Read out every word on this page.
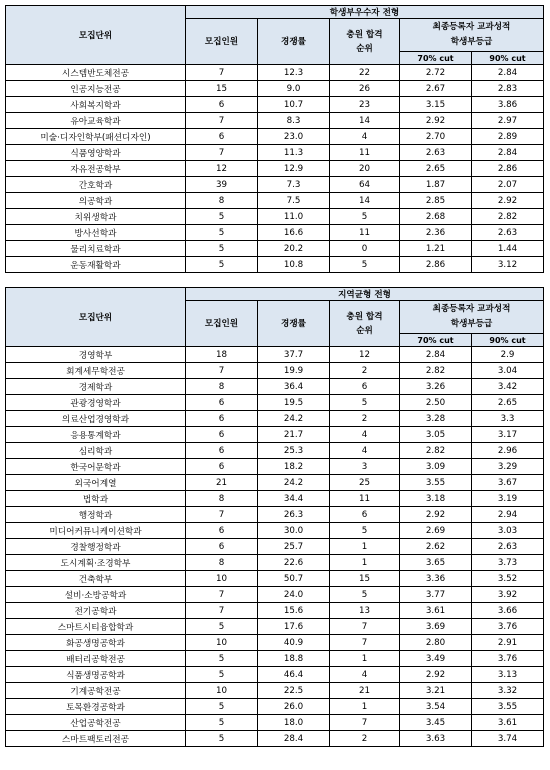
모집단위	학생부우수자 전형				
	모집인원	경쟁률	충원 합격
순위	최종등록자 교과성적
학생부등급	
				70% cut	90% cut
시스템반도체전공	7	12.3	22	2.72	2.84
인공지능전공	15	9.0	26	2.67	2.83
사회복지학과	6	10.7	23	3.15	3.86
유아교육학과	7	8.3	14	2.92	2.97
미술·디자인학부(패션디자인)	6	23.0	4	2.70	2.89
식품영양학과	7	11.3	11	2.63	2.84
자유전공학부	12	12.9	20	2.65	2.86
간호학과	39	7.3	64	1.87	2.07
의공학과	8	7.5	14	2.85	2.92
치위생학과	5	11.0	5	2.68	2.82
방사선학과	5	16.6	11	2.36	2.63
물리치료학과	5	20.2	0	1.21	1.44
운동재활학과	5	10.8	5	2.86	3.12
모집단위	지역균형 전형				
	모집인원	경쟁률	충원 합격
순위	최종등록자 교과성적
학생부등급	
				70% cut	90% cut
경영학부	18	37.7	12	2.84	2.9
회계세무학전공	7	19.9	2	2.82	3.04
경제학과	8	36.4	6	3.26	3.42
관광경영학과	6	19.5	5	2.50	2.65
의료산업경영학과	6	24.2	2	3.28	3.3
응용통계학과	6	21.7	4	3.05	3.17
심리학과	6	25.3	4	2.82	2.96
한국어문학과	6	18.2	3	3.09	3.29
외국어계열	21	24.2	25	3.55	3.67
법학과	8	34.4	11	3.18	3.19
행정학과	7	26.3	6	2.92	2.94
미디어커뮤니케이션학과	6	30.0	5	2.69	3.03
경찰행정학과	6	25.7	1	2.62	2.63
도시계획·조경학부	8	22.6	1	3.65	3.73
건축학부	10	50.7	15	3.36	3.52
설비·소방공학과	7	24.0	5	3.77	3.92
전기공학과	7	15.6	13	3.61	3.66
스마트시티융합학과	5	17.6	7	3.69	3.76
화공생명공학과	10	40.9	7	2.80	2.91
배터리공학전공	5	18.8	1	3.49	3.76
식품생명공학과	5	46.4	4	2.92	3.13
기계공학전공	10	22.5	21	3.21	3.32
토목환경공학과	5	26.0	1	3.54	3.55
산업공학전공	5	18.0	7	3.45	3.61
스마트팩토리전공	5	28.4	2	3.63	3.74
